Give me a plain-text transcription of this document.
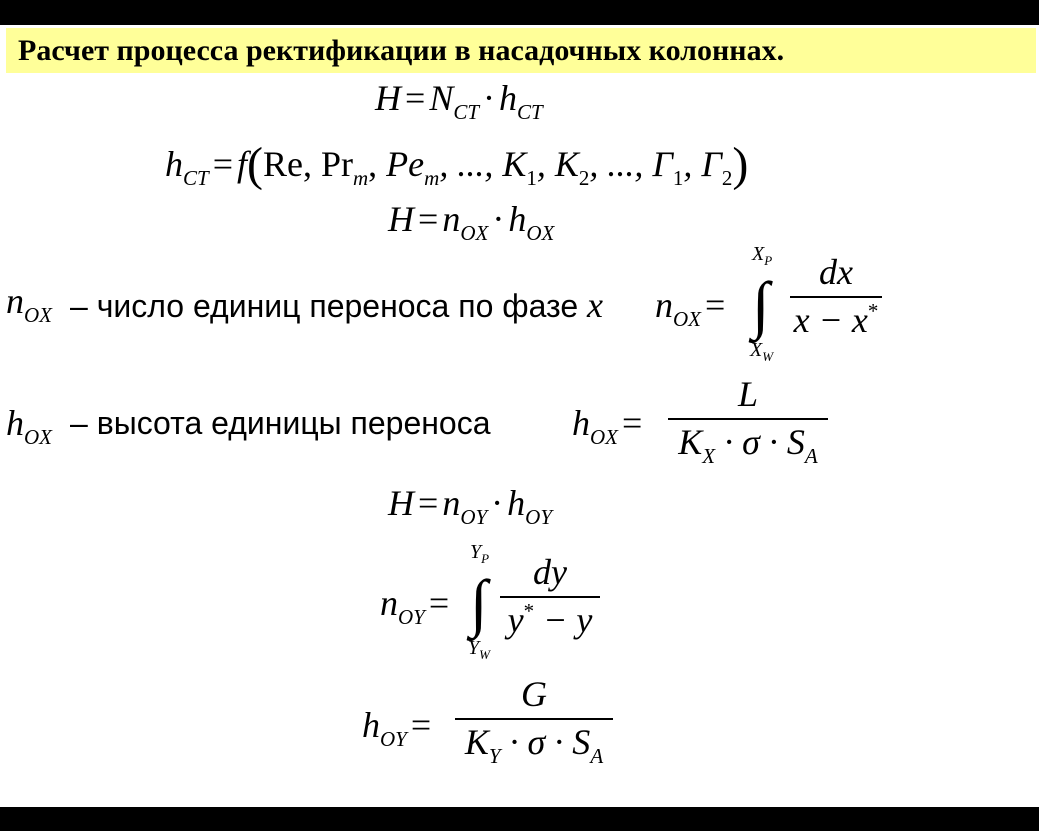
Расчет процесса ректификации в насадочных колоннах.
$H = N_{CT} \cdot h_{CT}$
$h_{CT} = f(Re$, $Pr_m$, $Pe_m$, ..., $K_1$, $K_2$, ..., $\Gamma_1$, $\Gamma_2$)
$H = n_{OX} \cdot h_{OX}$
$n_{OX}$ – число единиц переноса по фазе x $n_{OX}$ = ∫
$X_P$
$X_W$
dx
x − x*
$h_{OX}$ – высота единицы переноса $h_{OX}$ =
L
$K_X \cdot \sigma \cdot S_A$
$H = n_{OY} \cdot h_{OY}$
$n_{OY}$ = ∫
$Y_P$
$Y_W$
dy
y* − y
$h_{OY}$ =
G
$K_Y \cdot \sigma \cdot S_A$
